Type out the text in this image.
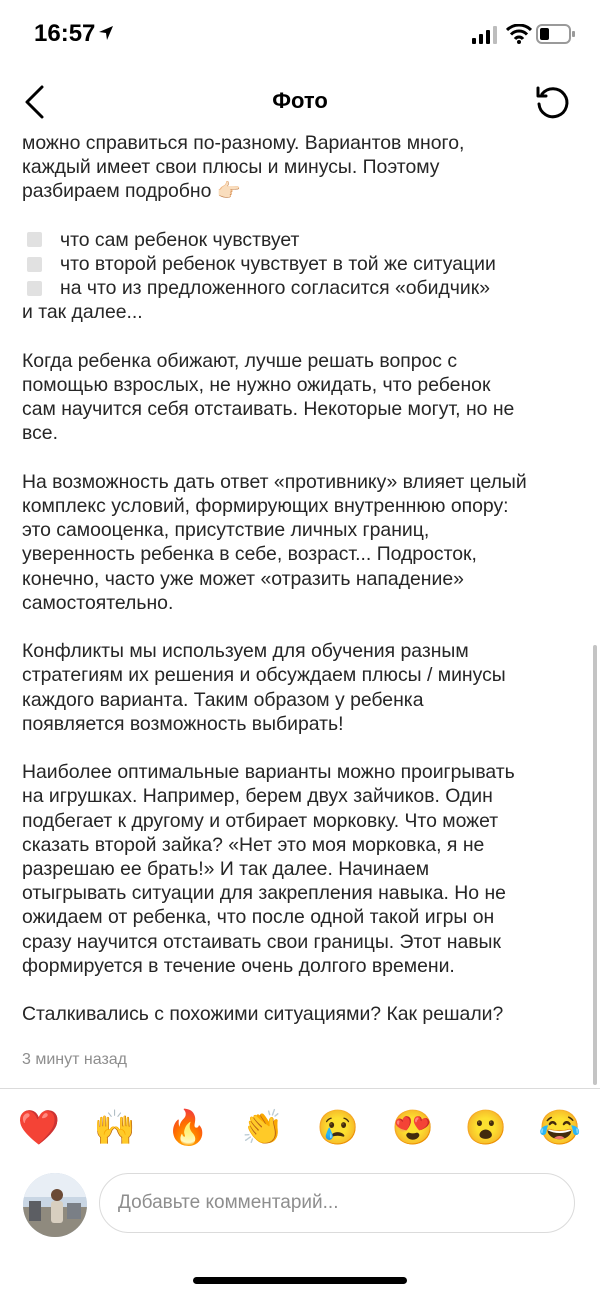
16:57
Фото

можно справиться по-разному. Вариантов много,
каждый имеет свои плюсы и минусы. Поэтому
разбираем подробно 👉🏻

что сам ребенок чувствует
что второй ребенок чувствует в той же ситуации
на что из предложенного согласится «обидчик»

и так далее...

Когда ребенка обижают, лучше решать вопрос с
помощью взрослых, не нужно ожидать, что ребенок
сам научится себя отстаивать. Некоторые могут, но не
все.

На возможность дать ответ «противнику» влияет целый
комплекс условий, формирующих внутреннюю опору:
это самооценка, присутствие личных границ,
уверенность ребенка в себе, возраст... Подросток,
конечно, часто уже может «отразить нападение»
самостоятельно.

Конфликты мы используем для обучения разным
стратегиям их решения и обсуждаем плюсы / минусы
каждого варианта. Таким образом у ребенка
появляется возможность выбирать!

Наиболее оптимальные варианты можно проигрывать
на игрушках. Например, берем двух зайчиков. Один
подбегает к другому и отбирает морковку. Что может
сказать второй зайка? «Нет это моя морковка, я не
разрешаю ее брать!» И так далее. Начинаем
отыгрывать ситуации для закрепления навыка. Но не
ожидаем от ребенка, что после одной такой игры он
сразу научится отстаивать свои границы. Этот навык
формируется в течение очень долгого времени.

Сталкивались с похожими ситуациями? Как решали?

3 минут назад
❤️ 🙌 🔥 👏 😢 😍 😮 😂
Добавьте комментарий...
